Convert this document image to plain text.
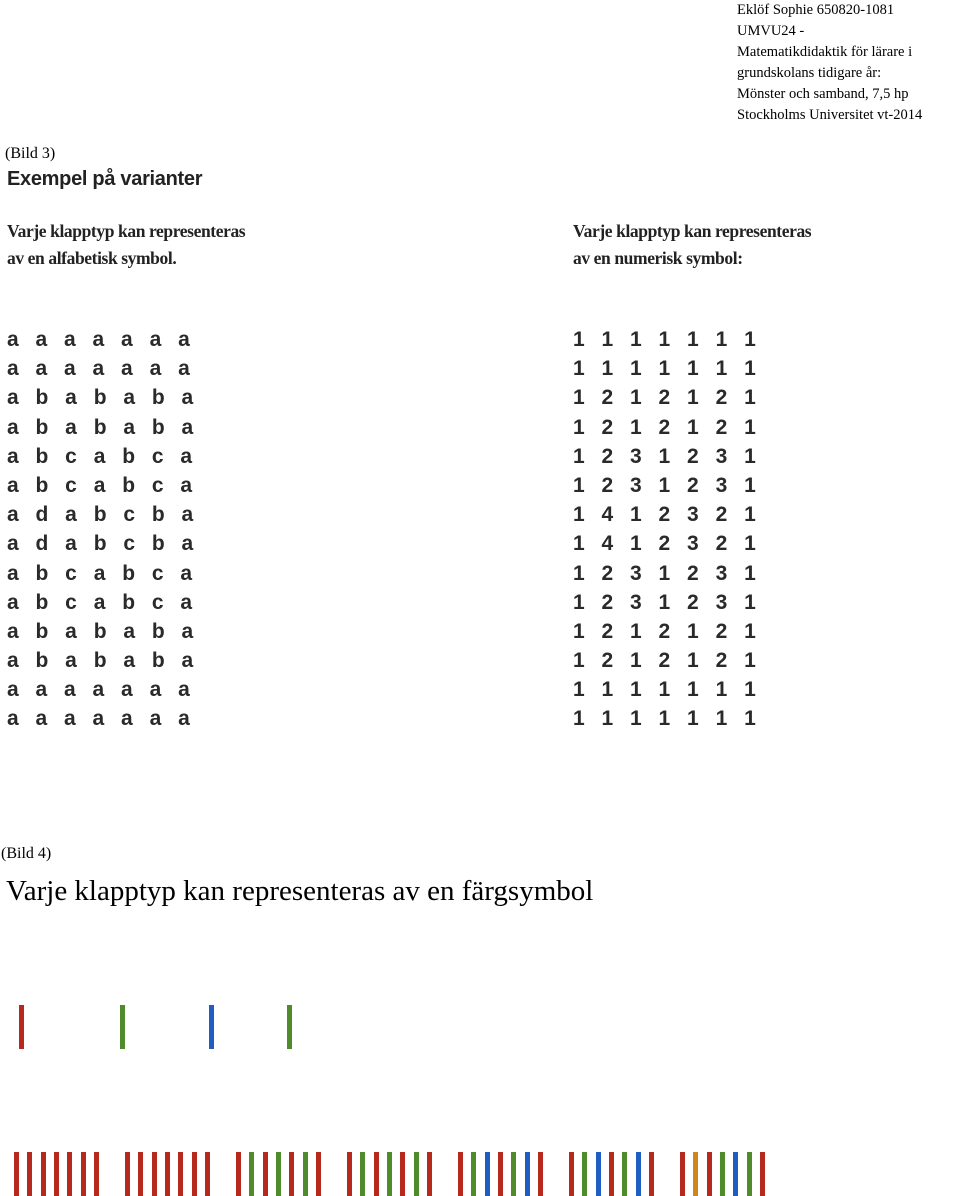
Eklöf Sophie 650820-1081
UMVU24 -
Matematikdidaktik för lärare i
grundskolans tidigare år:
Mönster och samband, 7,5 hp
Stockholms Universitet vt-2014
(Bild 3)
Exempel på varianter
Varje klapptyp kan representeras
av en alfabetisk symbol.
Varje klapptyp kan representeras
av en numerisk symbol:
a a a a a a a
a a a a a a a
a b a b a b a
a b a b a b a
a b c a b c a
a b c a b c a
a d a b c b a
a d a b c b a
a b c a b c a
a b c a b c a
a b a b a b a
a b a b a b a
a a a a a a a
a a a a a a a
1 1 1 1 1 1 1
1 1 1 1 1 1 1
1 2 1 2 1 2 1
1 2 1 2 1 2 1
1 2 3 1 2 3 1
1 2 3 1 2 3 1
1 4 1 2 3 2 1
1 4 1 2 3 2 1
1 2 3 1 2 3 1
1 2 3 1 2 3 1
1 2 1 2 1 2 1
1 2 1 2 1 2 1
1 1 1 1 1 1 1
1 1 1 1 1 1 1
(Bild 4)
Varje klapptyp kan representeras av en färgsymbol
